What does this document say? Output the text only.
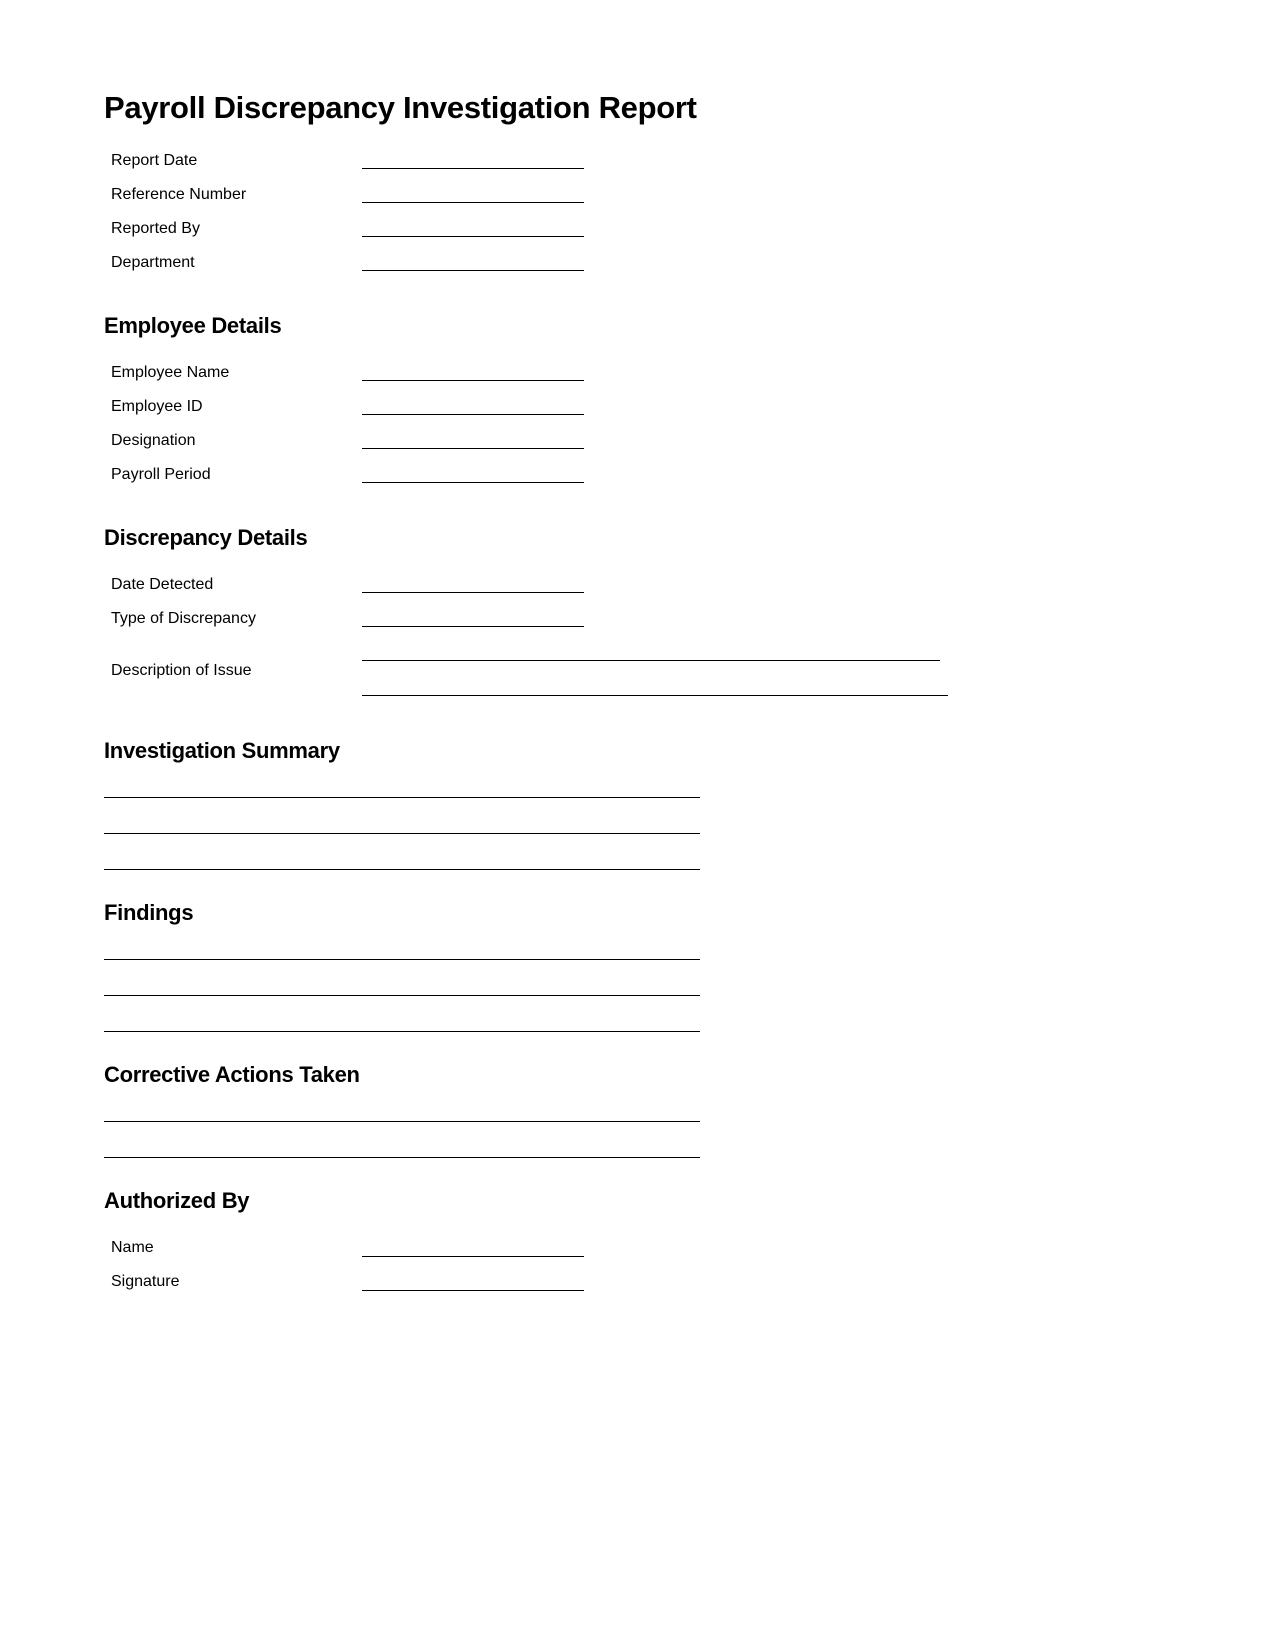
Payroll Discrepancy Investigation Report
Report Date
Reference Number
Reported By
Department
Employee Details
Employee Name
Employee ID
Designation
Payroll Period
Discrepancy Details
Date Detected
Type of Discrepancy
Description of Issue
Investigation Summary
Findings
Corrective Actions Taken
Authorized By
Name
Signature
